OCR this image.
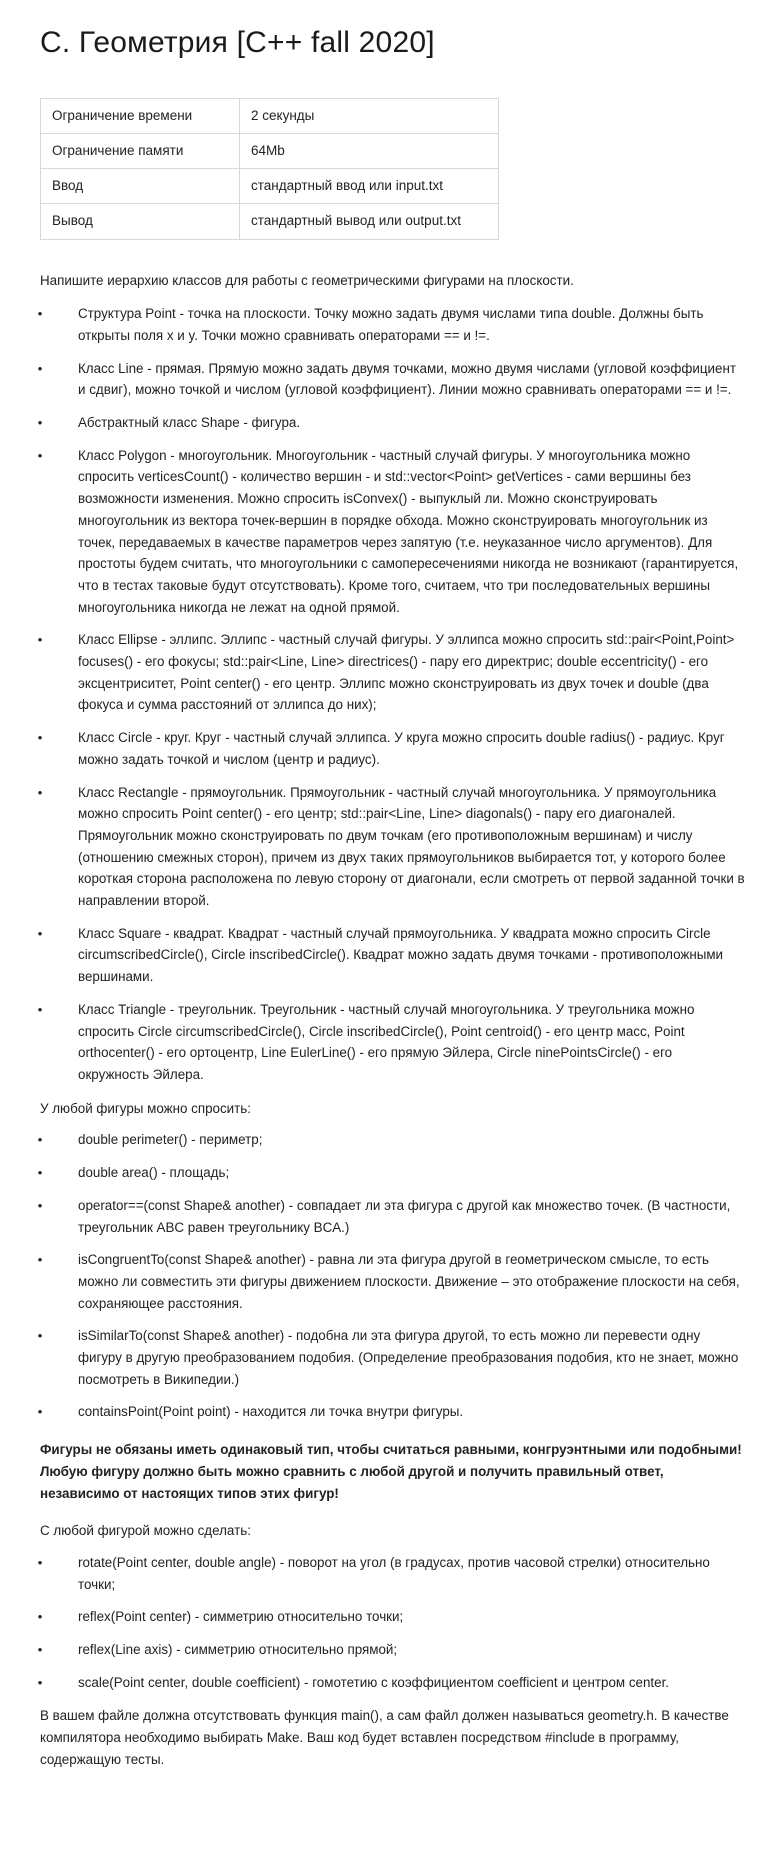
C. Геометрия [C++ fall 2020]
Ограничение времени	2 секунды
Ограничение памяти	64Mb
Ввод	стандартный ввод или input.txt
Вывод	стандартный вывод или output.txt

Напишите иерархию классов для работы с геометрическими фигурами на плоскости.

• Структура Point - точка на плоскости. Точку можно задать двумя числами типа double. Должны быть открыты поля x и y. Точки можно сравнивать операторами == и !=.
• Класс Line - прямая. Прямую можно задать двумя точками, можно двумя числами (угловой коэффициент и сдвиг), можно точкой и числом (угловой коэффициент). Линии можно сравнивать операторами == и !=.
• Абстрактный класс Shape - фигура.
• Класс Polygon - многоугольник. Многоугольник - частный случай фигуры. У многоугольника можно спросить verticesCount() - количество вершин - и std::vector<Point> getVertices - сами вершины без возможности изменения. Можно спросить isConvex() - выпуклый ли. Можно сконструировать многоугольник из вектора точек-вершин в порядке обхода. Можно сконструировать многоугольник из точек, передаваемых в качестве параметров через запятую (т.е. неуказанное число аргументов). Для простоты будем считать, что многоугольники с самопересечениями никогда не возникают (гарантируется, что в тестах таковые будут отсутствовать). Кроме того, считаем, что три последовательных вершины многоугольника никогда не лежат на одной прямой.
• Класс Ellipse - эллипс. Эллипс - частный случай фигуры. У эллипса можно спросить std::pair<Point,Point> focuses() - его фокусы; std::pair<Line, Line> directrices() - пару его директрис; double eccentricity() - его эксцентриситет, Point center() - его центр. Эллипс можно сконструировать из двух точек и double (два фокуса и сумма расстояний от эллипса до них);
• Класс Circle - круг. Круг - частный случай эллипса. У круга можно спросить double radius() - радиус. Круг можно задать точкой и числом (центр и радиус).
• Класс Rectangle - прямоугольник. Прямоугольник - частный случай многоугольника. У прямоугольника можно спросить Point center() - его центр; std::pair<Line, Line> diagonals() - пару его диагоналей. Прямоугольник можно сконструировать по двум точкам (его противоположным вершинам) и числу (отношению смежных сторон), причем из двух таких прямоугольников выбирается тот, у которого более короткая сторона расположена по левую сторону от диагонали, если смотреть от первой заданной точки в направлении второй.
• Класс Square - квадрат. Квадрат - частный случай прямоугольника. У квадрата можно спросить Circle circumscribedCircle(), Circle inscribedCircle(). Квадрат можно задать двумя точками - противоположными вершинами.
• Класс Triangle - треугольник. Треугольник - частный случай многоугольника. У треугольника можно спросить Circle circumscribedCircle(), Circle inscribedCircle(), Point centroid() - его центр масс, Point orthocenter() - его ортоцентр, Line EulerLine() - его прямую Эйлера, Circle ninePointsCircle() - его окружность Эйлера.

У любой фигуры можно спросить:

• double perimeter() - периметр;
• double area() - площадь;
• operator==(const Shape& another) - совпадает ли эта фигура с другой как множество точек. (В частности, треугольник ABC равен треугольнику BCA.)
• isCongruentTo(const Shape& another) - равна ли эта фигура другой в геометрическом смысле, то есть можно ли совместить эти фигуры движением плоскости. Движение – это отображение плоскости на себя, сохраняющее расстояния.
• isSimilarTo(const Shape& another) - подобна ли эта фигура другой, то есть можно ли перевести одну фигуру в другую преобразованием подобия. (Определение преобразования подобия, кто не знает, можно посмотреть в Википедии.)
• containsPoint(Point point) - находится ли точка внутри фигуры.

Фигуры не обязаны иметь одинаковый тип, чтобы считаться равными, конгруэнтными или подобными! Любую фигуру должно быть можно сравнить с любой другой и получить правильный ответ, независимо от настоящих типов этих фигур!

С любой фигурой можно сделать:

• rotate(Point center, double angle) - поворот на угол (в градусах, против часовой стрелки) относительно точки;
• reflex(Point center) - симметрию относительно точки;
• reflex(Line axis) - симметрию относительно прямой;
• scale(Point center, double coefficient) - гомотетию с коэффициентом coefficient и центром center.

В вашем файле должна отсутствовать функция main(), а сам файл должен называться geometry.h. В качестве компилятора необходимо выбирать Make. Ваш код будет вставлен посредством #include в программу, содержащую тесты.
